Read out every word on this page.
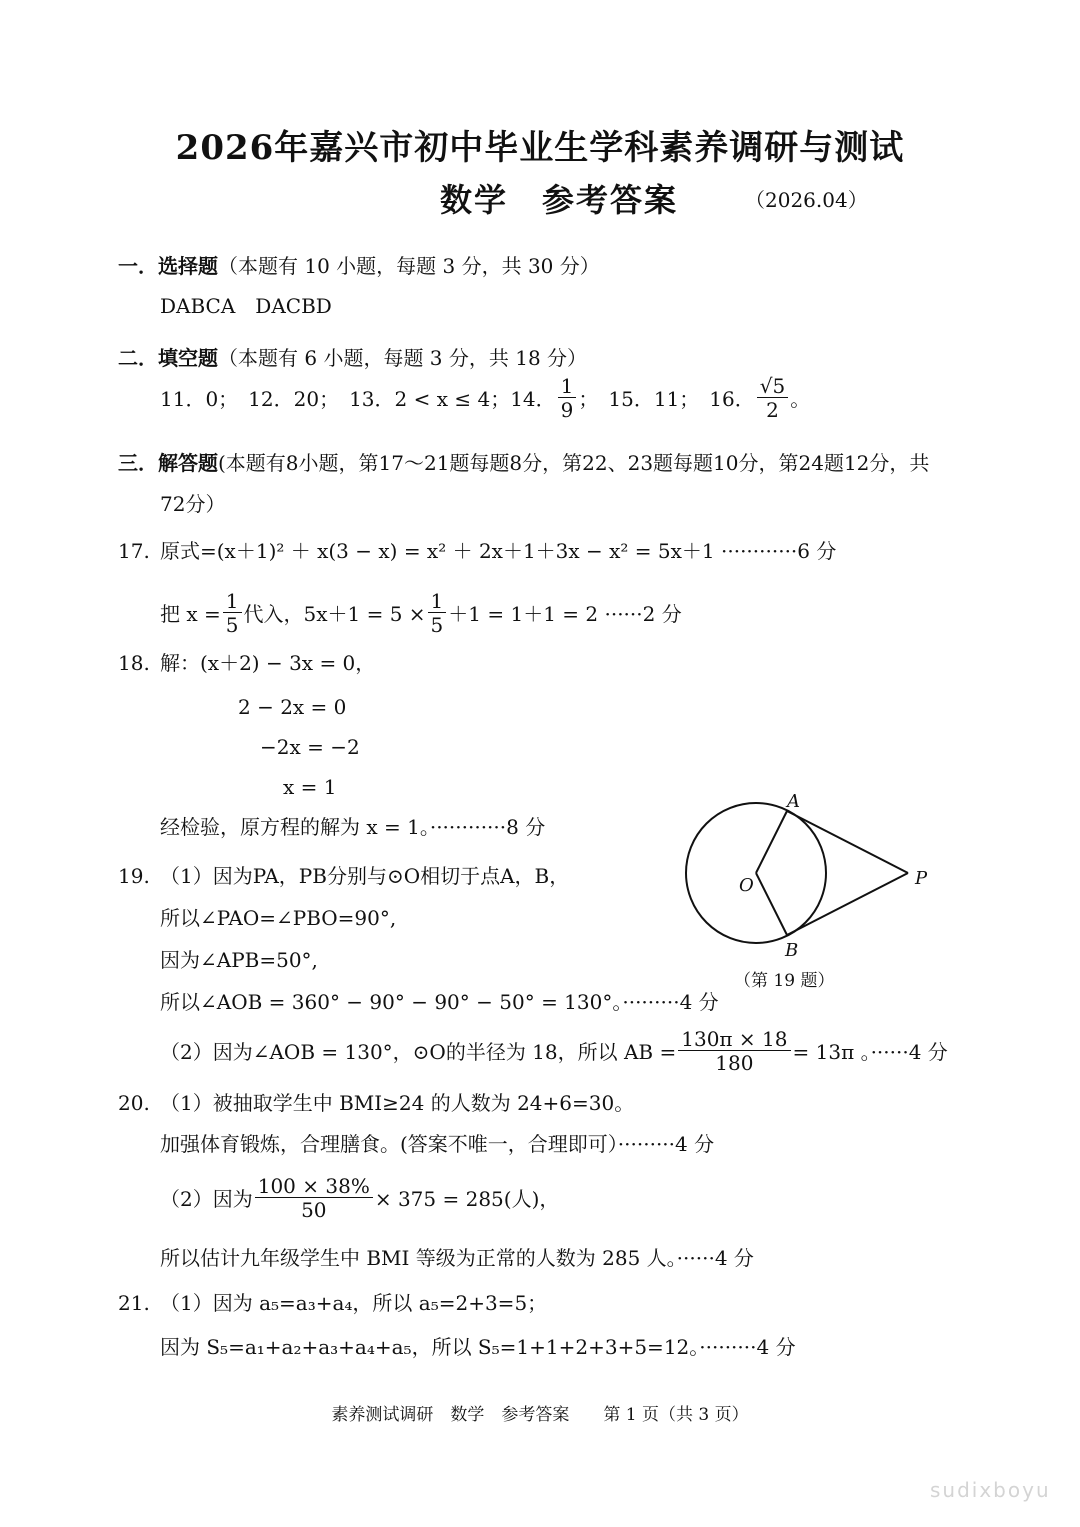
2026年嘉兴市初中毕业生学科素养调研与测试
数学　参考答案	（2026.04）
一．选择题（本题有 10 小题，每题 3 分，共 30 分）
DABCA　DACBD
二．填空题（本题有 6 小题，每题 3 分，共 18 分）
11．0；　12．20；　13．2 < x ≤ 4；14． $\frac{1}{9}$ ；　15．11；　16． $\frac{√5}{2}$ 。
三．解答题(本题有8小题，第17～21题每题8分，第22、23题每题10分，第24题12分，共
72分）
17. 原式=(x＋1)² ＋ x(3 − x) = x² ＋ 2x＋1＋3x − x² = 5x＋1 ············6 分
把 $x = \frac{1}{5}$ 代入，$5x+1 = 5 \times \frac{1}{5} +1 = 1+1 = 2 \cdot\cdot\cdot\cdot\cdot\cdot 2$ 分
18. 解：(x＋2) − 3x = 0，
2 − 2x = 0
−2x = −2
x = 1
经检验，原方程的解为 x = 1。············8 分
A
B
O	P
（第 19 题）
19. （1）因为PA，PB分别与⊙O相切于点A，B，
所以∠PAO=∠PBO=90°,
因为∠APB=50°,
所以∠AOB = 360° − 90° − 90° − 50° = 130°。·········4 分
（2）因为∠AOB = 130°，⊙O的半径为 18，所以 AB = $\frac{130\pi \times 18}{180} = 13\pi$ 。······4 分
20. （1）被抽取学生中 BMI≥24 的人数为 24+6=30。
加强体育锻炼，合理膳食。(答案不唯一，合理即可）·········4 分
（2）因为 $\frac{100 \times 38\%}{50} \times 375 = 285$(人)，
所以估计九年级学生中 BMI 等级为正常的人数为 285 人。······4 分
21. （1）因为 a₅=a₃+a₄，所以 a₅=2+3=5；
因为 S₅=a₁+a₂+a₃+a₄+a₅，所以 S₅=1+1+2+3+5=12。·········4 分
素养测试调研　数学　参考答案　　第 1 页（共 3 页）
sudixboyu
